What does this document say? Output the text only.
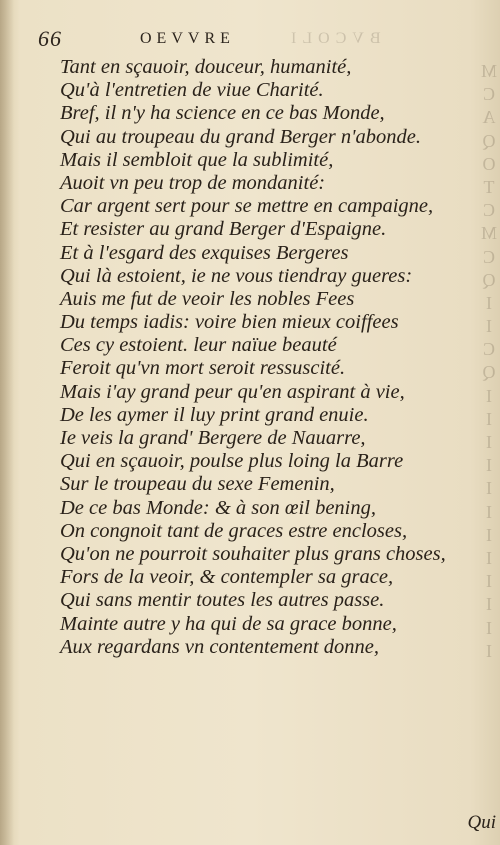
66	OEVVRE	BVCOLI
Tant en sçauoir, douceur, humanité,
Qu'à l'entretien de viue Charité.
Bref, il n'y ha science en ce bas Monde,
Qui au troupeau du grand Berger n'abonde.
Mais il sembloit que la sublimité,
Auoit vn peu trop de mondanité:
Car argent sert pour se mettre en campaigne,
Et resister au grand Berger d'Espaigne.
Et à l'esgard des exquises Bergeres
Qui là estoient, ie ne vous tiendray gueres:
Auis me fut de veoir les nobles Fees
Du temps iadis: voire bien mieux coiffees
Ces cy estoient. leur naïue beauté
Feroit qu'vn mort seroit ressuscité.
Mais i'ay grand peur qu'en aspirant à vie,
De les aymer il luy print grand enuie.
Ie veis la grand' Bergere de Nauarre,
Qui en sçauoir, poulse plus loing la Barre
Sur le troupeau du sexe Femenin,
De ce bas Monde: & à son œil bening,
On congnoit tant de graces estre encloses,
Qu'on ne pourroit souhaiter plus grans choses,
Fors de la veoir, & contempler sa grace,
Qui sans mentir toutes les autres passe.
Mainte autre y ha qui de sa grace bonne,
Aux regardans vn contentement donne,
M
C
A
Q
O
T
C
M
C
Q
I
I
C
Q
I
I
I
I
I
I
I
I
I
I
I
I
Qui
